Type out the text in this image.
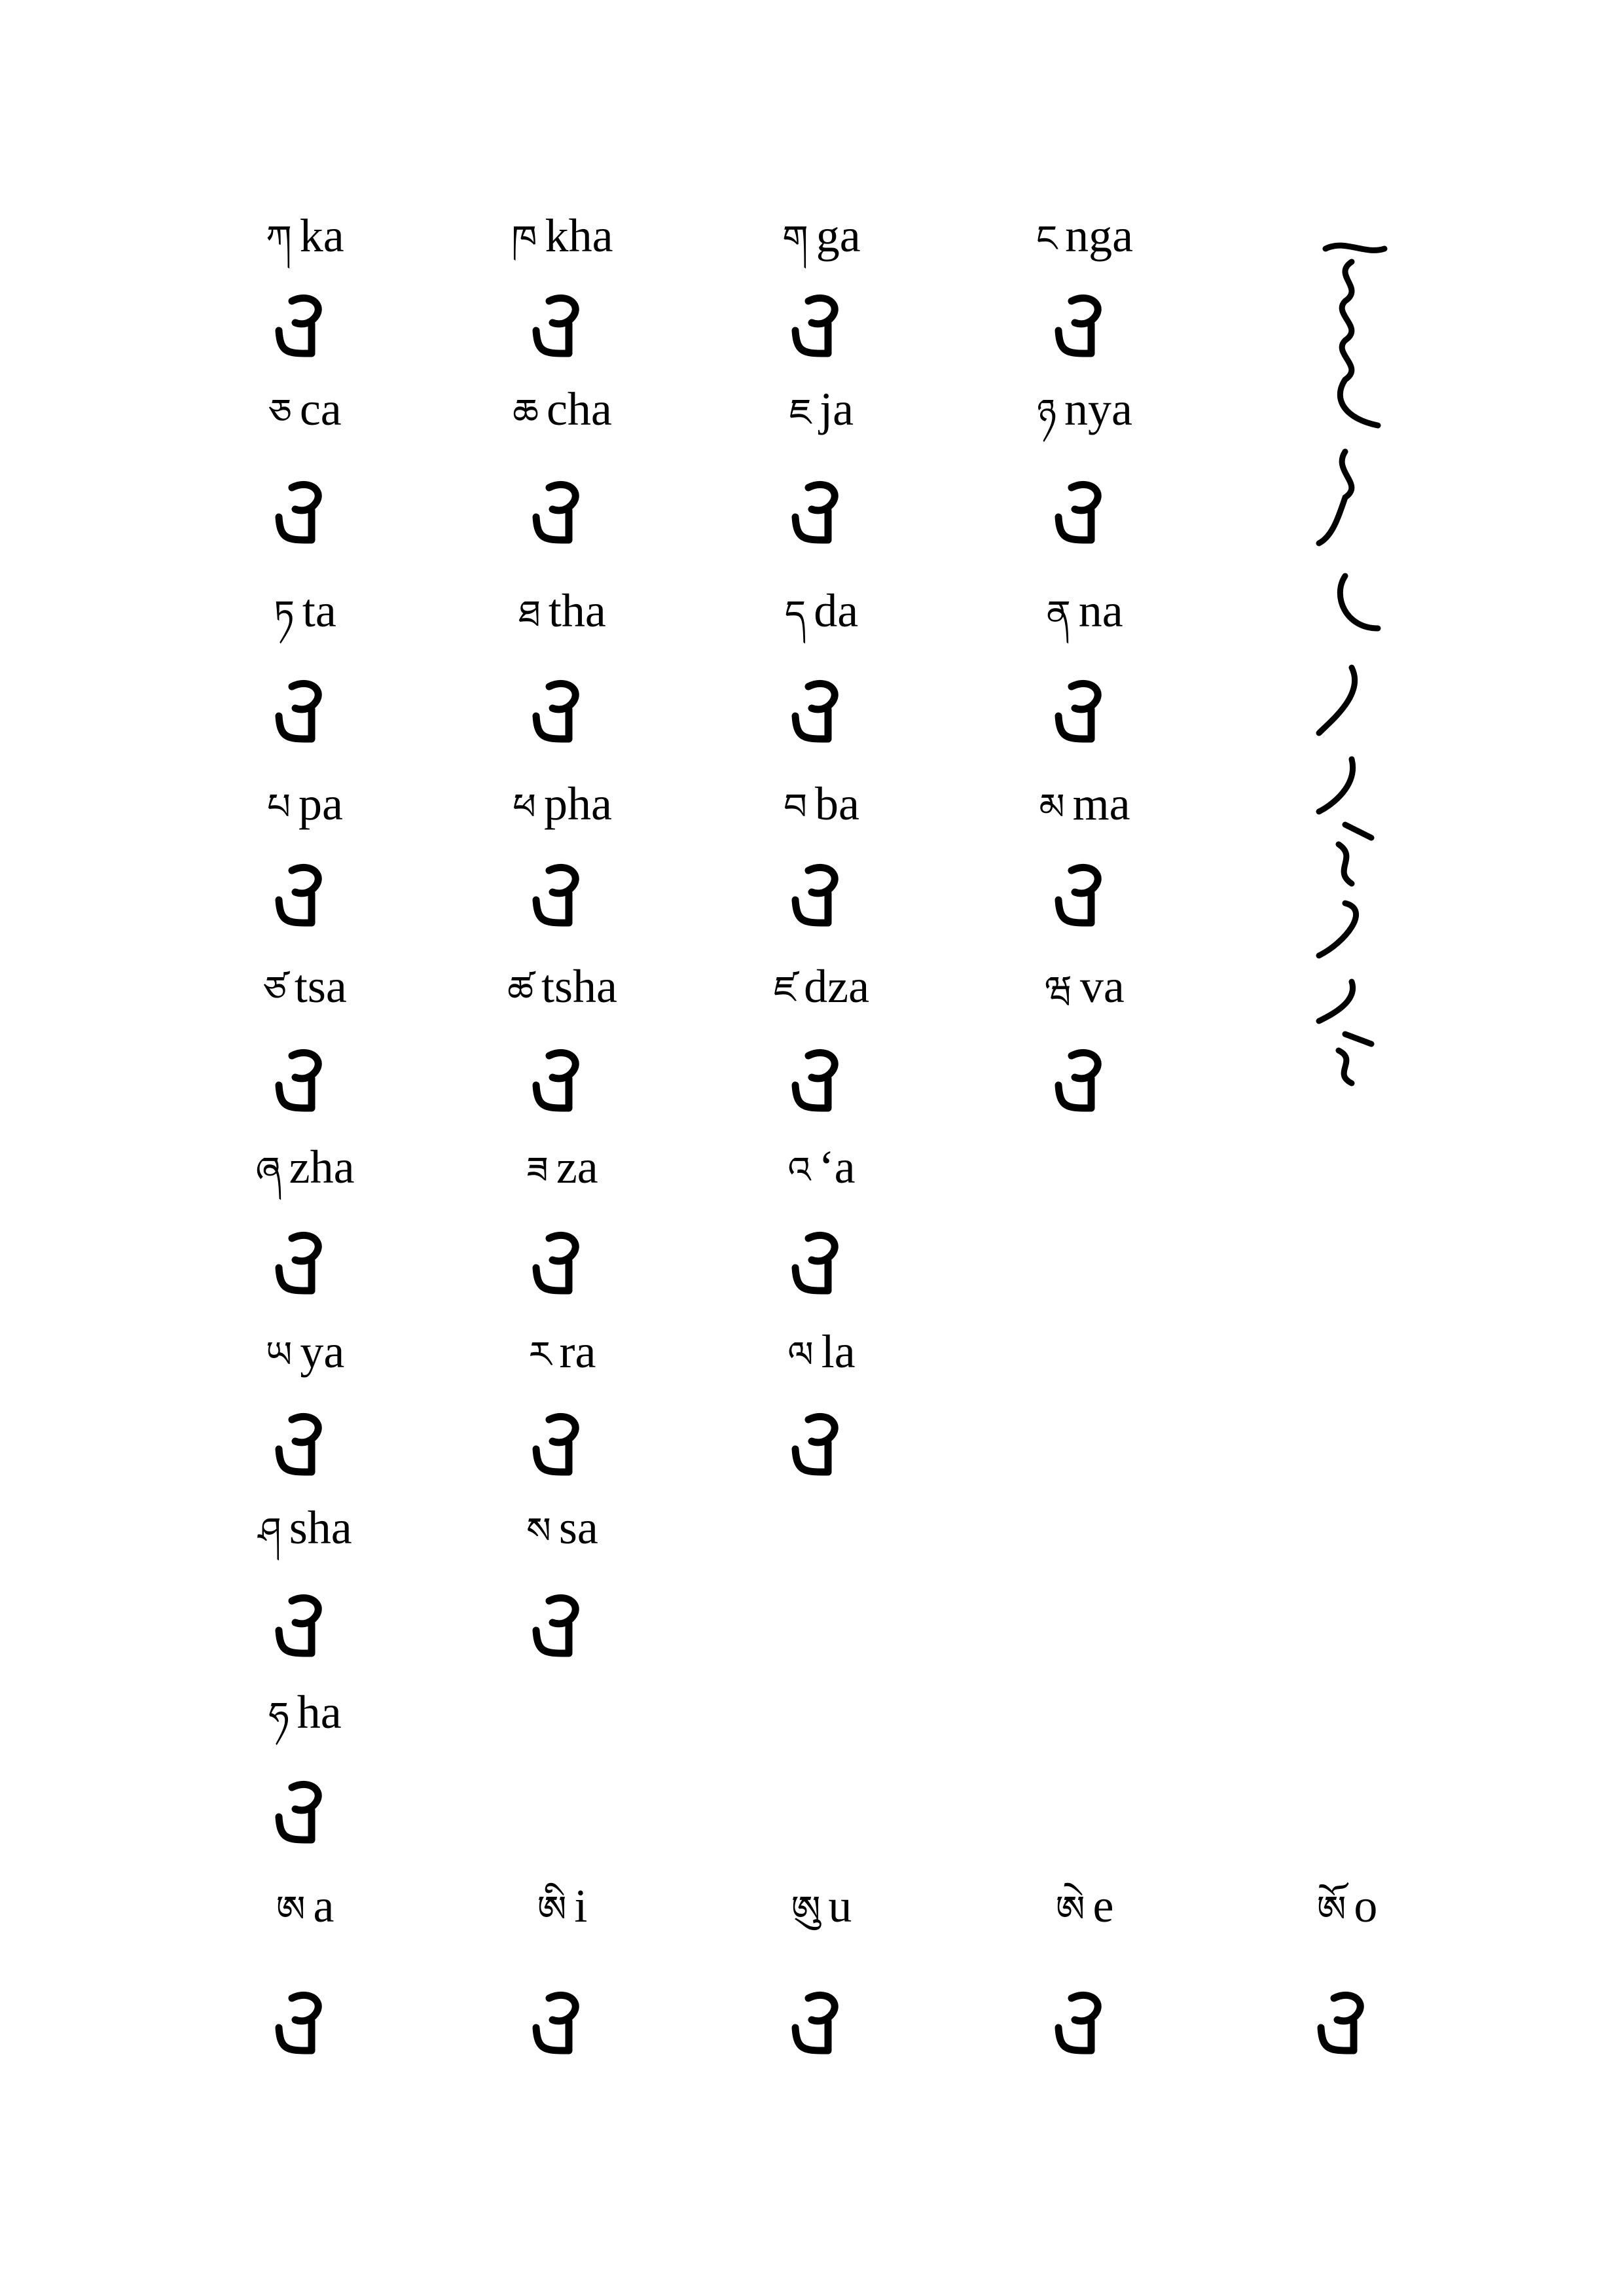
ཀ ka	ཁ kha	ག ga	ང nga
ཅ ca	ཆ cha	ཇ ja	ཉ nya
ཏ ta	ཐ tha	ད da	ན na
པ pa	ཕ pha	བ ba	མ ma
ཙ tsa	ཚ tsha	ཛ dza	ཝ va
ཞ zha	ཟ za	འ ‘a
ཡ ya	ར ra	ལ la
ཤ sha	ས sa
ཧ ha
ཨ a	ཨི i	ཨུ u	ཨེ e	ཨོ o
